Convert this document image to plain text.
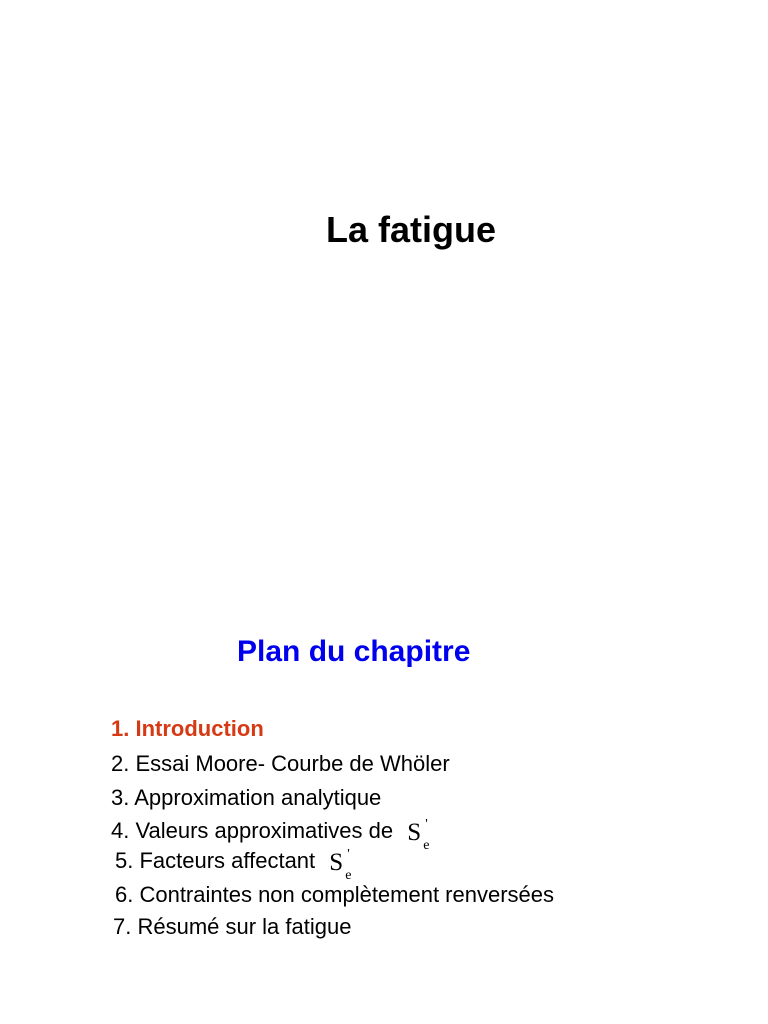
La fatigue
Plan du chapitre
1. Introduction
2. Essai Moore- Courbe de Whöler
3. Approximation analytique
4. Valeurs approximatives de S '
e
5. Facteurs affectant S '
e
6. Contraintes non complètement renversées
7. Résumé sur la fatigue
